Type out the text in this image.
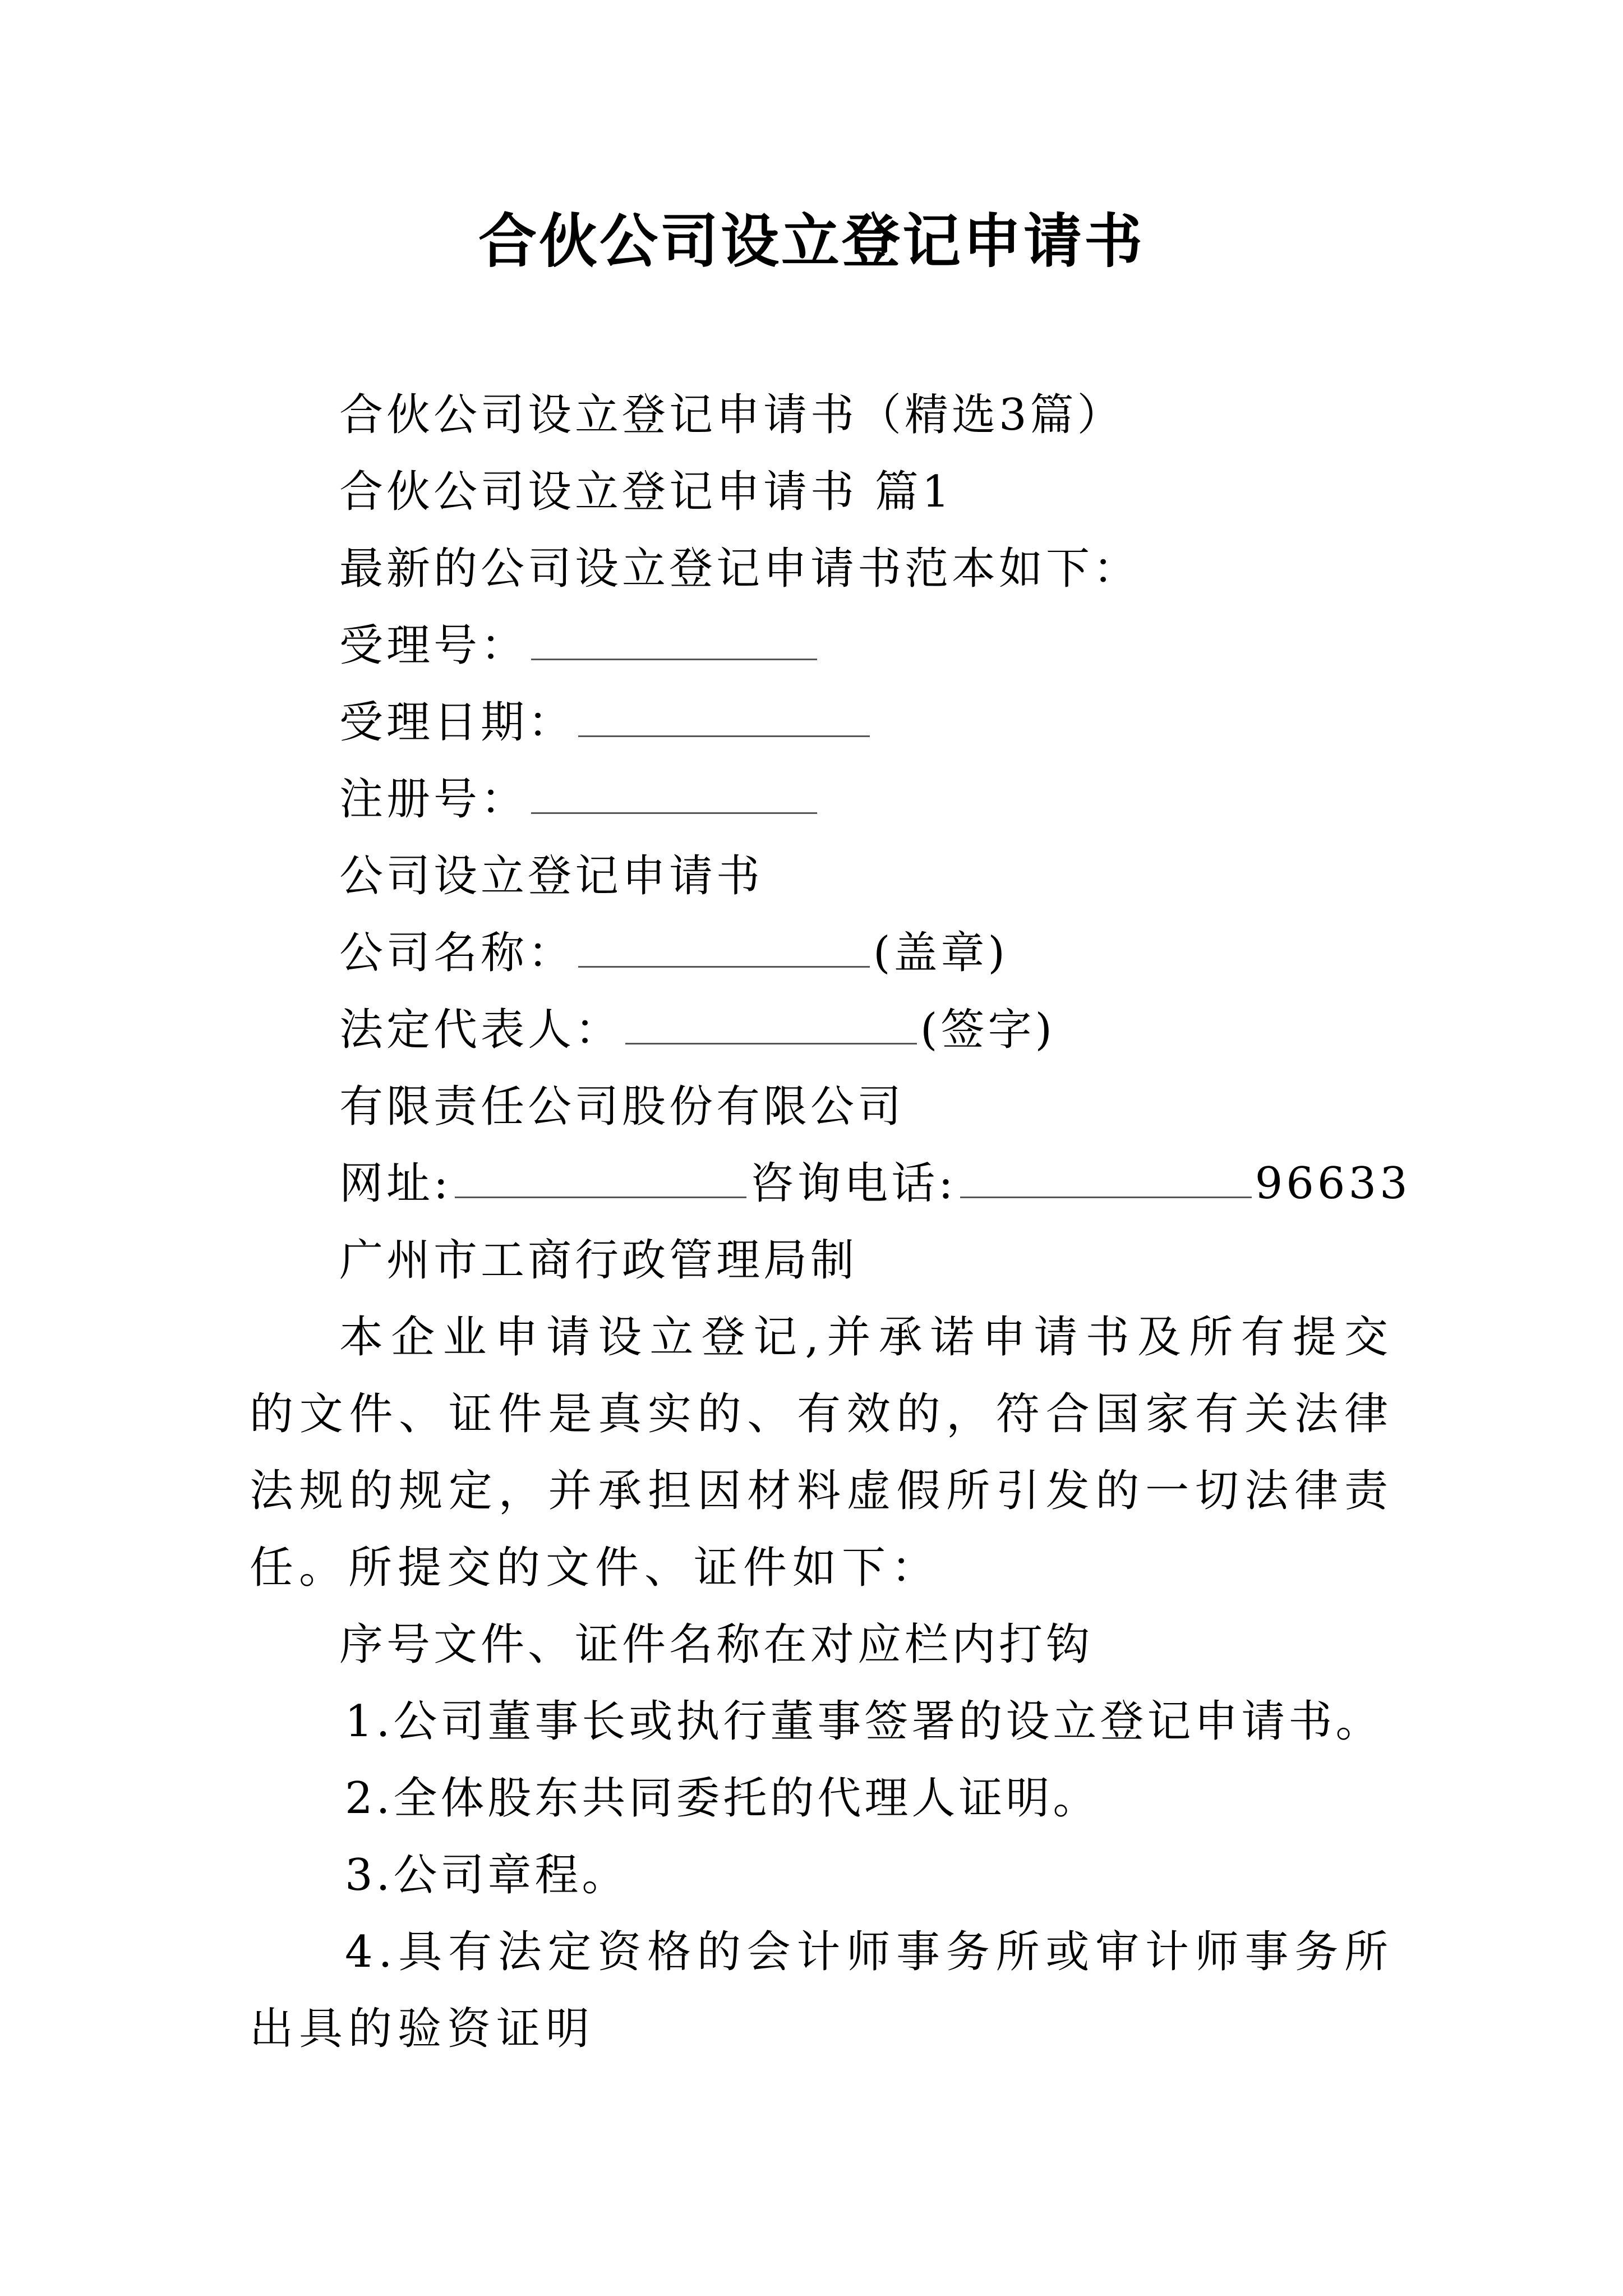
合伙公司设立登记申请书
合伙公司设立登记申请书（精选3篇）
合伙公司设立登记申请书 篇1
最新的公司设立登记申请书范本如下：
受理号：
受理日期：
注册号：
公司设立登记申请书
公司名称：	(盖章)
法定代表人：	(签字)
有限责任公司股份有限公司
网址:	咨询电话:	96633
广州市工商行政管理局制
本企业申请设立登记,并承诺申请书及所有提交的文件、证件是真实的、有效的，符合国家有关法律法规的规定，并承担因材料虚假所引发的一切法律责任。所提交的文件、证件如下：
序号文件、证件名称在对应栏内打钩
1.公司董事长或执行董事签署的设立登记申请书。
2.全体股东共同委托的代理人证明。
3.公司章程。
4.具有法定资格的会计师事务所或审计师事务所出具的验资证明
